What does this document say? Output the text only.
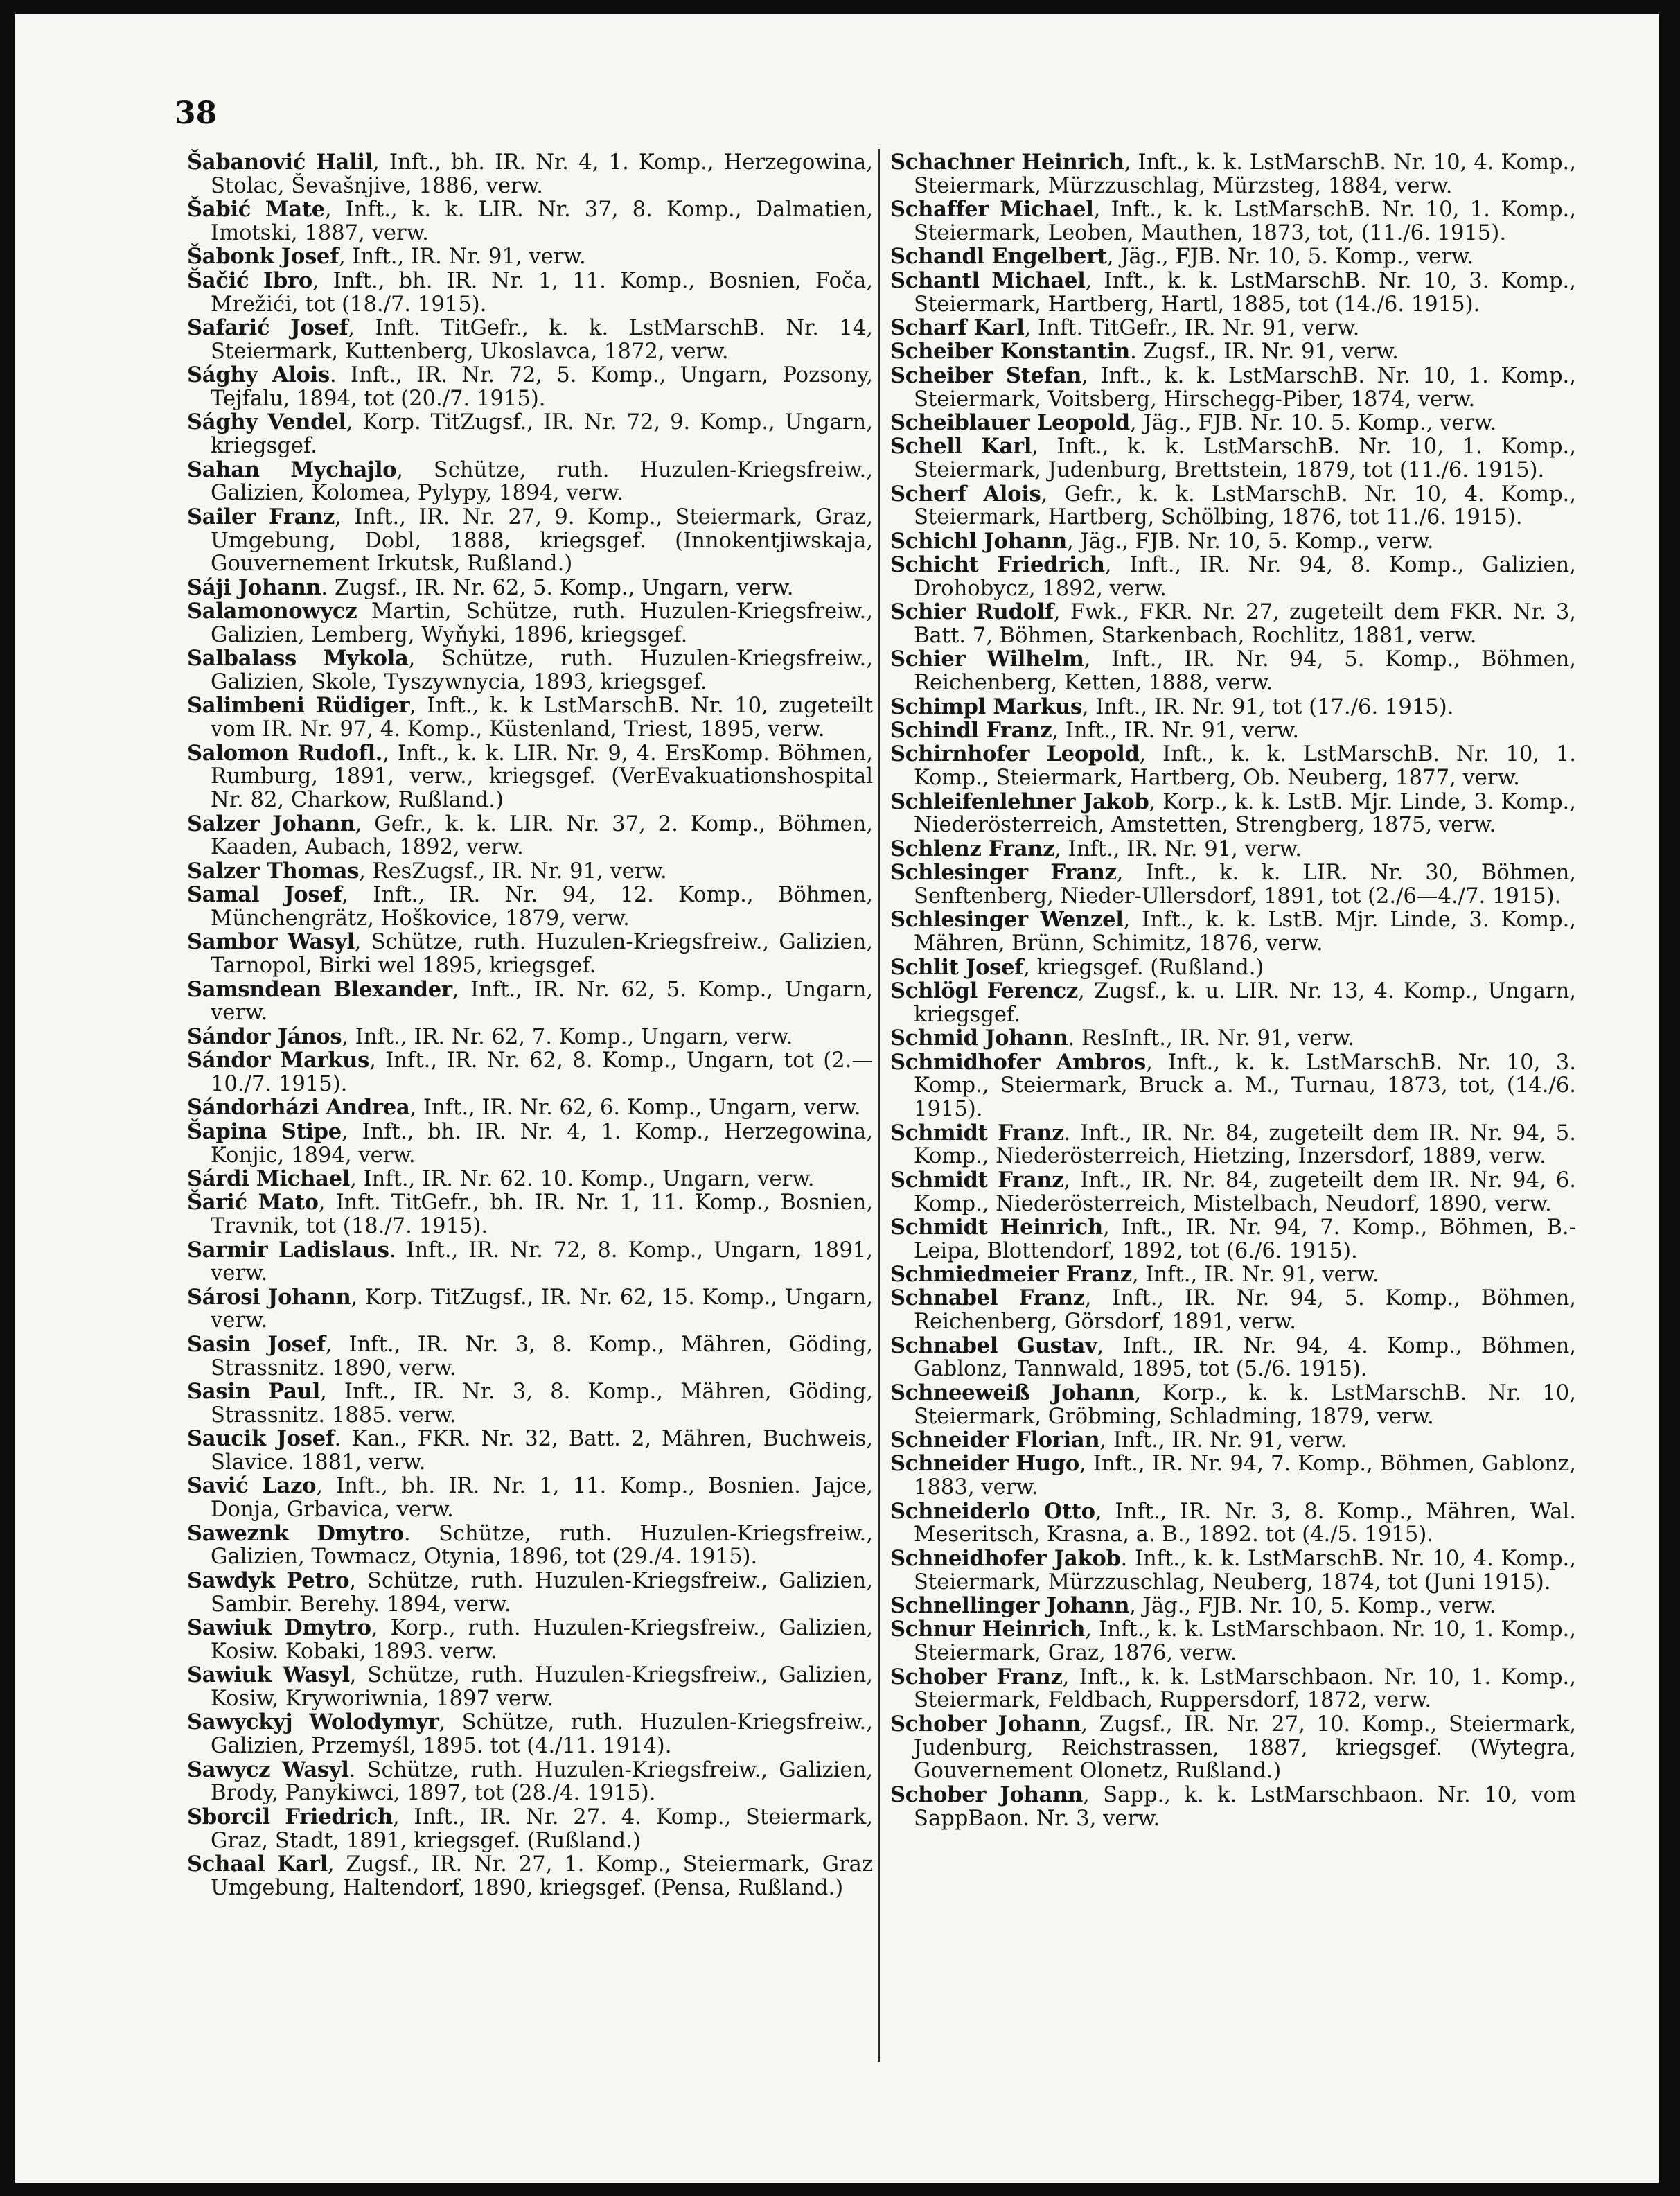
38

Šabanović Halil, Inft., bh. IR. Nr. 4, 1. Komp., Herzegowina, Stolac, Ševašnjive, 1886, verw.

Šabić Mate, Inft., k. k. LIR. Nr. 37, 8. Komp., Dalmatien, Imotski, 1887, verw.

Šabonk Josef, Inft., IR. Nr. 91, verw.

Šačić Ibro, Inft., bh. IR. Nr. 1, 11. Komp., Bosnien, Foča, Mrežići, tot (18./7. 1915).

Safarić Josef, Inft. TitGefr., k. k. LstMarschB. Nr. 14, Steiermark, Kuttenberg, Ukoslavca, 1872, verw.

Sághy Alois. Inft., IR. Nr. 72, 5. Komp., Ungarn, Pozsony, Tejfalu, 1894, tot (20./7. 1915).

Sághy Vendel, Korp. TitZugsf., IR. Nr. 72, 9. Komp., Ungarn, kriegsgef.

Sahan Mychajlo, Schütze, ruth. Huzulen-Kriegsfreiw., Galizien, Kolomea, Pylypy, 1894, verw.

Sailer Franz, Inft., IR. Nr. 27, 9. Komp., Steiermark, Graz, Umgebung, Dobl, 1888, kriegsgef. (Innokentjiwskaja, Gouvernement Irkutsk, Rußland.)

Sáji Johann. Zugsf., IR. Nr. 62, 5. Komp., Ungarn, verw.

Salamonowycz Martin, Schütze, ruth. Huzulen-Kriegsfreiw., Galizien, Lemberg, Wyňyki, 1896, kriegsgef.

Salbalass Mykola, Schütze, ruth. Huzulen-Kriegsfreiw., Galizien, Skole, Tyszywnycia, 1893, kriegsgef.

Salimbeni Rüdiger, Inft., k. k LstMarschB. Nr. 10, zugeteilt vom IR. Nr. 97, 4. Komp., Küstenland, Triest, 1895, verw.

Salomon Rudofl., Inft., k. k. LIR. Nr. 9, 4. ErsKomp. Böhmen, Rumburg, 1891, verw., kriegsgef. (VerEvakuationshospital Nr. 82, Charkow, Rußland.)

Salzer Johann, Gefr., k. k. LIR. Nr. 37, 2. Komp., Böhmen, Kaaden, Aubach, 1892, verw.

Salzer Thomas, ResZugsf., IR. Nr. 91, verw.

Samal Josef, Inft., IR. Nr. 94, 12. Komp., Böhmen, Münchengrätz, Hoškovice, 1879, verw.

Sambor Wasyl, Schütze, ruth. Huzulen-Kriegsfreiw., Galizien, Tarnopol, Birki wel 1895, kriegsgef.

Samsndean Blexander, Inft., IR. Nr. 62, 5. Komp., Ungarn, verw.

Sándor János, Inft., IR. Nr. 62, 7. Komp., Ungarn, verw.

Sándor Markus, Inft., IR. Nr. 62, 8. Komp., Ungarn, tot (2.—10./7. 1915).

Sándorházi Andrea, Inft., IR. Nr. 62, 6. Komp., Ungarn, verw.

Šapina Stipe, Inft., bh. IR. Nr. 4, 1. Komp., Herzegowina, Konjic, 1894, verw.

Sárdi Michael, Inft., IR. Nr. 62. 10. Komp., Ungarn, verw.

Šarić Mato, Inft. TitGefr., bh. IR. Nr. 1, 11. Komp., Bosnien, Travnik, tot (18./7. 1915).

Sarmir Ladislaus. Inft., IR. Nr. 72, 8. Komp., Ungarn, 1891, verw.

Sárosi Johann, Korp. TitZugsf., IR. Nr. 62, 15. Komp., Ungarn, verw.

Sasin Josef, Inft., IR. Nr. 3, 8. Komp., Mähren, Göding, Strassnitz. 1890, verw.

Sasin Paul, Inft., IR. Nr. 3, 8. Komp., Mähren, Göding, Strassnitz. 1885. verw.

Saucik Josef. Kan., FKR. Nr. 32, Batt. 2, Mähren, Buchweis, Slavice. 1881, verw.

Savić Lazo, Inft., bh. IR. Nr. 1, 11. Komp., Bosnien. Jajce, Donja, Grbavica, verw.

Saweznk Dmytro. Schütze, ruth. Huzulen-Kriegsfreiw., Galizien, Towmacz, Otynia, 1896, tot (29./4. 1915).

Sawdyk Petro, Schütze, ruth. Huzulen-Kriegsfreiw., Galizien, Sambir. Berehy. 1894, verw.

Sawiuk Dmytro, Korp., ruth. Huzulen-Kriegsfreiw., Galizien, Kosiw. Kobaki, 1893. verw.

Sawiuk Wasyl, Schütze, ruth. Huzulen-Kriegsfreiw., Galizien, Kosiw, Kryworiwnia, 1897 verw.

Sawyckyj Wolodymyr, Schütze, ruth. Huzulen-Kriegsfreiw., Galizien, Przemyśl, 1895. tot (4./11. 1914).

Sawycz Wasyl. Schütze, ruth. Huzulen-Kriegsfreiw., Galizien, Brody, Panykiwci, 1897, tot (28./4. 1915).

Sborcil Friedrich, Inft., IR. Nr. 27. 4. Komp., Steiermark, Graz, Stadt, 1891, kriegsgef. (Rußland.)

Schaal Karl, Zugsf., IR. Nr. 27, 1. Komp., Steiermark, Graz Umgebung, Haltendorf, 1890, kriegsgef. (Pensa, Rußland.)

Schachner Heinrich, Inft., k. k. LstMarschB. Nr. 10, 4. Komp., Steiermark, Mürzzuschlag, Mürzsteg, 1884, verw.

Schaffer Michael, Inft., k. k. LstMarschB. Nr. 10, 1. Komp., Steiermark, Leoben, Mauthen, 1873, tot, (11./6. 1915).

Schandl Engelbert, Jäg., FJB. Nr. 10, 5. Komp., verw.

Schantl Michael, Inft., k. k. LstMarschB. Nr. 10, 3. Komp., Steiermark, Hartberg, Hartl, 1885, tot (14./6. 1915).

Scharf Karl, Inft. TitGefr., IR. Nr. 91, verw.

Scheiber Konstantin. Zugsf., IR. Nr. 91, verw.

Scheiber Stefan, Inft., k. k. LstMarschB. Nr. 10, 1. Komp., Steiermark, Voitsberg, Hirschegg-Piber, 1874, verw.

Scheiblauer Leopold, Jäg., FJB. Nr. 10. 5. Komp., verw.

Schell Karl, Inft., k. k. LstMarschB. Nr. 10, 1. Komp., Steiermark, Judenburg, Brettstein, 1879, tot (11./6. 1915).

Scherf Alois, Gefr., k. k. LstMarschB. Nr. 10, 4. Komp., Steiermark, Hartberg, Schölbing, 1876, tot 11./6. 1915).

Schichl Johann, Jäg., FJB. Nr. 10, 5. Komp., verw.

Schicht Friedrich, Inft., IR. Nr. 94, 8. Komp., Galizien, Drohobycz, 1892, verw.

Schier Rudolf, Fwk., FKR. Nr. 27, zugeteilt dem FKR. Nr. 3, Batt. 7, Böhmen, Starkenbach, Rochlitz, 1881, verw.

Schier Wilhelm, Inft., IR. Nr. 94, 5. Komp., Böhmen, Reichenberg, Ketten, 1888, verw.

Schimpl Markus, Inft., IR. Nr. 91, tot (17./6. 1915).

Schindl Franz, Inft., IR. Nr. 91, verw.

Schirnhofer Leopold, Inft., k. k. LstMarschB. Nr. 10, 1. Komp., Steiermark, Hartberg, Ob. Neuberg, 1877, verw.

Schleifenlehner Jakob, Korp., k. k. LstB. Mjr. Linde, 3. Komp., Niederösterreich, Amstetten, Strengberg, 1875, verw.

Schlenz Franz, Inft., IR. Nr. 91, verw.

Schlesinger Franz, Inft., k. k. LIR. Nr. 30, Böhmen, Senftenberg, Nieder-Ullersdorf, 1891, tot (2./6—4./7. 1915).

Schlesinger Wenzel, Inft., k. k. LstB. Mjr. Linde, 3. Komp., Mähren, Brünn, Schimitz, 1876, verw.

Schlit Josef, kriegsgef. (Rußland.)

Schlögl Ferencz, Zugsf., k. u. LIR. Nr. 13, 4. Komp., Ungarn, kriegsgef.

Schmid Johann. ResInft., IR. Nr. 91, verw.

Schmidhofer Ambros, Inft., k. k. LstMarschB. Nr. 10, 3. Komp., Steiermark, Bruck a. M., Turnau, 1873, tot, (14./6. 1915).

Schmidt Franz. Inft., IR. Nr. 84, zugeteilt dem IR. Nr. 94, 5. Komp., Niederösterreich, Hietzing, Inzersdorf, 1889, verw.

Schmidt Franz, Inft., IR. Nr. 84, zugeteilt dem IR. Nr. 94, 6. Komp., Niederösterreich, Mistelbach, Neudorf, 1890, verw.

Schmidt Heinrich, Inft., IR. Nr. 94, 7. Komp., Böhmen, B.-Leipa, Blottendorf, 1892, tot (6./6. 1915).

Schmiedmeier Franz, Inft., IR. Nr. 91, verw.

Schnabel Franz, Inft., IR. Nr. 94, 5. Komp., Böhmen, Reichenberg, Görsdorf, 1891, verw.

Schnabel Gustav, Inft., IR. Nr. 94, 4. Komp., Böhmen, Gablonz, Tannwald, 1895, tot (5./6. 1915).

Schneeweiß Johann, Korp., k. k. LstMarschB. Nr. 10, Steiermark, Gröbming, Schladming, 1879, verw.

Schneider Florian, Inft., IR. Nr. 91, verw.

Schneider Hugo, Inft., IR. Nr. 94, 7. Komp., Böhmen, Gablonz, 1883, verw.

Schneiderlo Otto, Inft., IR. Nr. 3, 8. Komp., Mähren, Wal. Meseritsch, Krasna, a. B., 1892. tot (4./5. 1915).

Schneidhofer Jakob. Inft., k. k. LstMarschB. Nr. 10, 4. Komp., Steiermark, Mürzzuschlag, Neuberg, 1874, tot (Juni 1915).

Schnellinger Johann, Jäg., FJB. Nr. 10, 5. Komp., verw.

Schnur Heinrich, Inft., k. k. LstMarschbaon. Nr. 10, 1. Komp., Steiermark, Graz, 1876, verw.

Schober Franz, Inft., k. k. LstMarschbaon. Nr. 10, 1. Komp., Steiermark, Feldbach, Ruppersdorf, 1872, verw.

Schober Johann, Zugsf., IR. Nr. 27, 10. Komp., Steiermark, Judenburg, Reichstrassen, 1887, kriegsgef. (Wytegra, Gouvernement Olonetz, Rußland.)

Schober Johann, Sapp., k. k. LstMarschbaon. Nr. 10, vom SappBaon. Nr. 3, verw.
